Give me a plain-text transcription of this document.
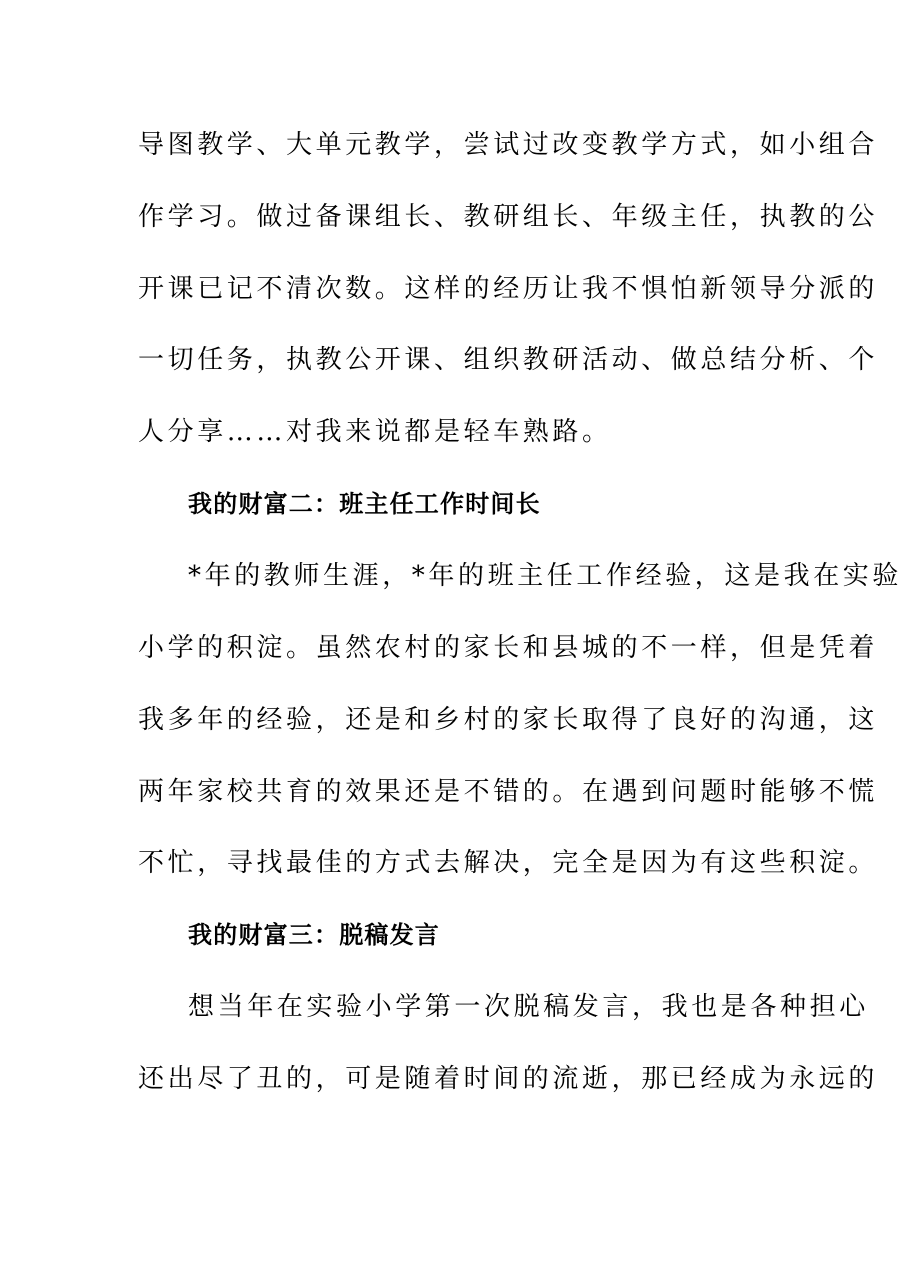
导图教学、大单元教学，尝试过改变教学方式，如小组合
作学习。做过备课组长、教研组长、年级主任，执教的公
开课已记不清次数。这样的经历让我不惧怕新领导分派的
一切任务，执教公开课、组织教研活动、做总结分析、个
人分享……对我来说都是轻车熟路。
我的财富二：班主任工作时间长
*年的教师生涯，*年的班主任工作经验，这是我在实验
小学的积淀。虽然农村的家长和县城的不一样，但是凭着
我多年的经验，还是和乡村的家长取得了良好的沟通，这
两年家校共育的效果还是不错的。在遇到问题时能够不慌
不忙，寻找最佳的方式去解决，完全是因为有这些积淀。
我的财富三：脱稿发言
想当年在实验小学第一次脱稿发言，我也是各种担心
还出尽了丑的，可是随着时间的流逝，那已经成为永远的
